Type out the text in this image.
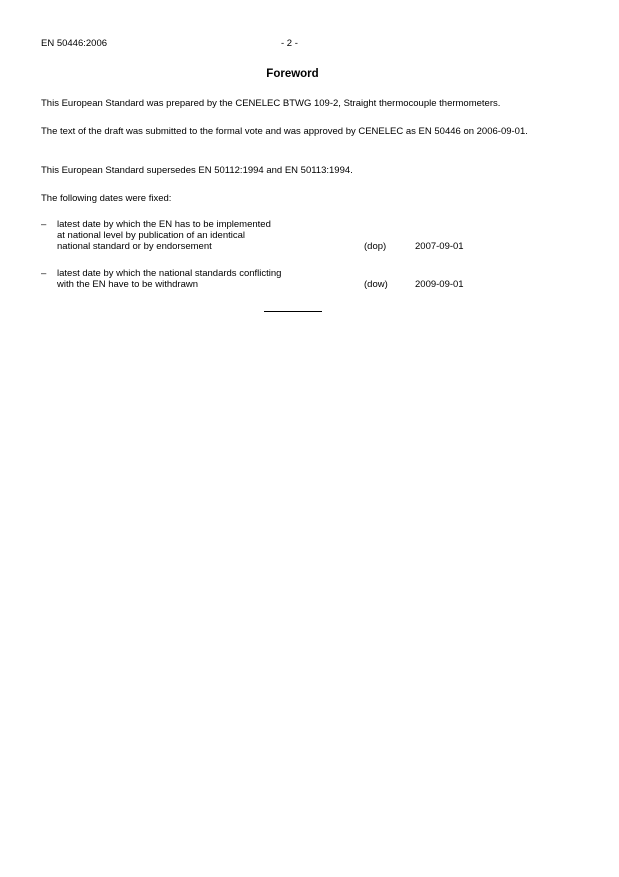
EN 50446:2006	- 2 -
Foreword
This European Standard was prepared by the CENELEC BTWG 109-2, Straight thermocouple thermometers.
The text of the draft was submitted to the formal vote and was approved by CENELEC as EN 50446 on 2006-09-01.
This European Standard supersedes EN 50112:1994 and EN 50113:1994.
The following dates were fixed:
– latest date by which the EN has to be implemented
at national level by publication of an identical
national standard or by endorsement	(dop)	2007-09-01
– latest date by which the national standards conflicting
with the EN have to be withdrawn	(dow)	2009-09-01
